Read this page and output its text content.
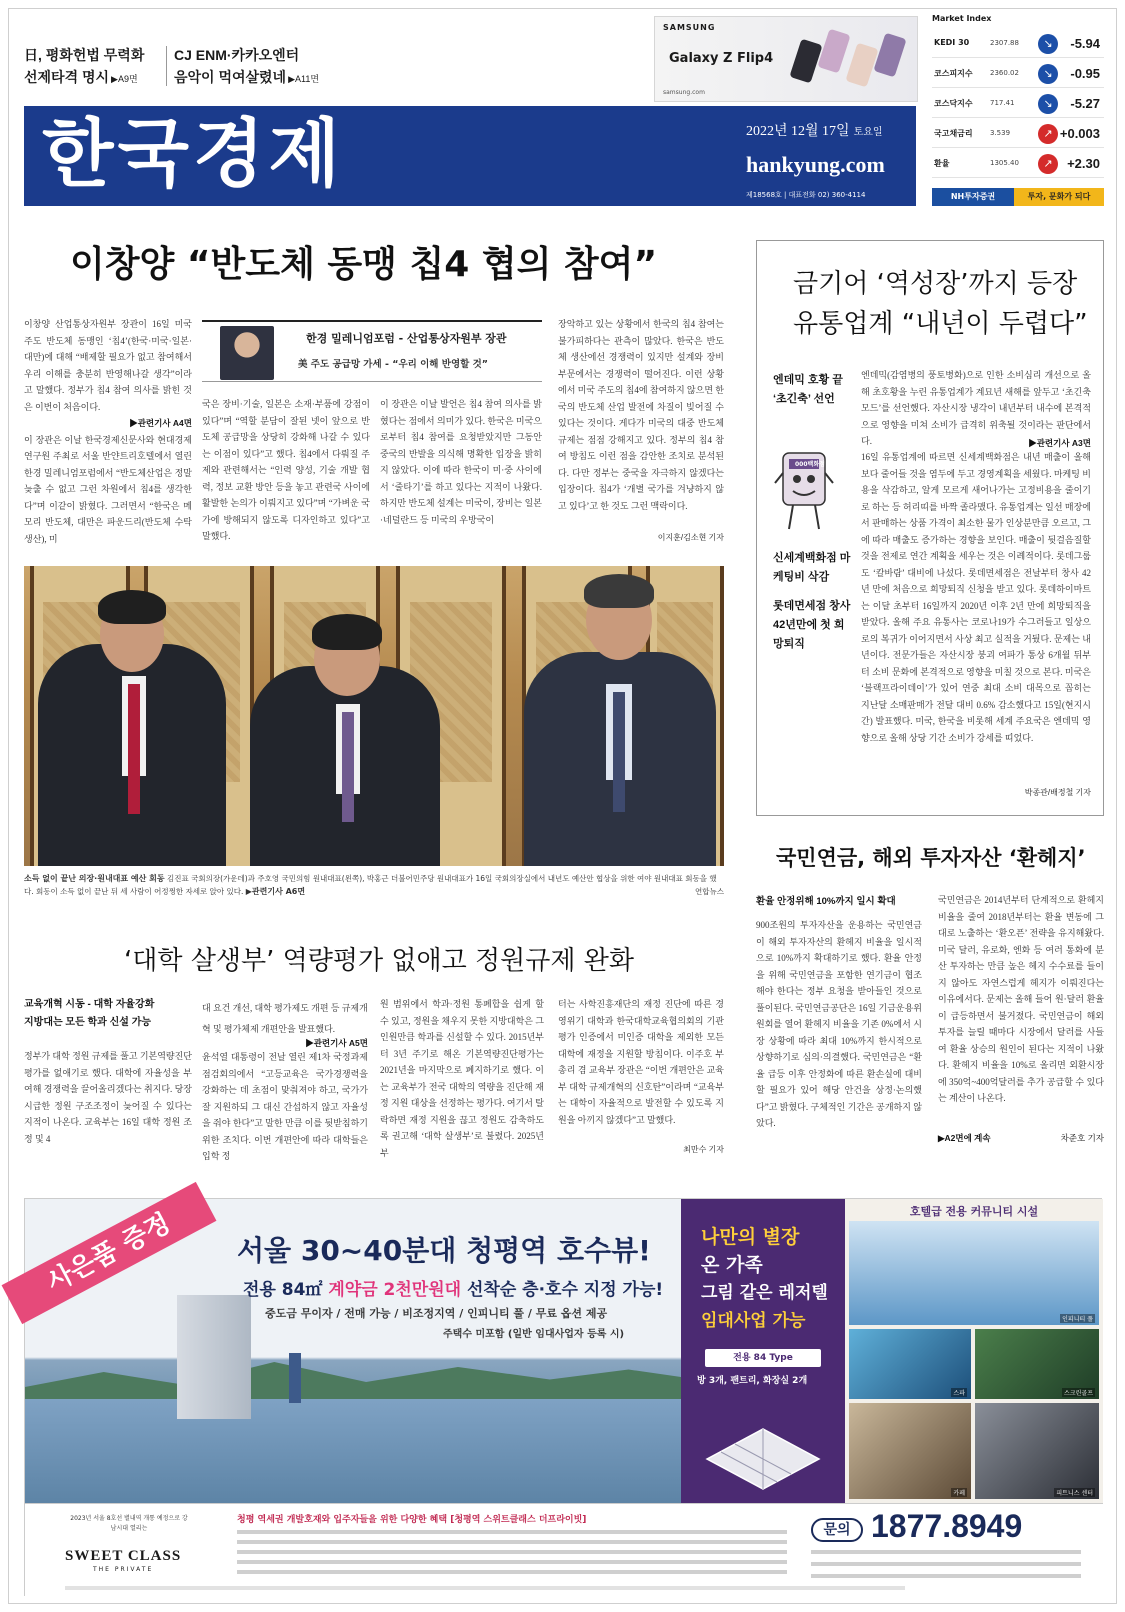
日, 평화헌법 무력화
선제타격 명시 ▶A9면
CJ ENM·카카오엔터
음악이 먹여살렸네 ▶A11면
SAMSUNG
Galaxy Z Flip4
samsung.com
한국경제	2022년 12월 17일 토요일
hankyung.com
제18568호 | 대표전화 02) 360-4114
Market Index
KEDI 30	2307.88	↘	-5.94
코스피지수 2360.02	↘	-0.95
코스닥지수 717.41	↘	-5.27
국고채금리 3.539	↗ +0.003
환율	1305.40	↗	+2.30
NH투자증권	투자, 문화가 되다
이창양 “반도체 동맹 칩4 협의 참여”
이창양 산업통상자원부 장관이 16일 미국 주도 반도체 동맹인 ‘칩4’(한국·미국·일본·대만)에 대해 “배제할 필요가 없고 참여해서 우리 이해를 충분히 반영해나갈 생각”이라고 말했다. 정부가 칩4 참여 의사를 밝힌 것은 이번이 처음이다.
▶관련기사 A4면
이 장관은 이날 한국경제신문사와 현대경제연구원 주최로 서울 반얀트리호텔에서 열린 한경 밀레니엄포럼에서 “반도체산업은 정말 늦출 수 없고 그런 차원에서 칩4를 생각한다”며 이같이 밝혔다. 그러면서 “한국은 메모리 반도체, 대만은 파운드리(반도체 수탁생산), 미
한경 밀레니엄포럼 - 산업통상자원부 장관
美 주도 공급망 가세 - “우리 이해 반영할 것”
국은 장비·기술, 일본은 소재·부품에 강점이 있다”며 “역할 분담이 잘된 넷이 앞으로 반도체 공급망을 상당히 강화해 나갈 수 있다는 이점이 있다”고 했다. 칩4에서 다뤄질 주제와 관련해서는 “인력 양성, 기술 개발 협력, 정보 교환 방안 등을 놓고 관련국 사이에 활발한 논의가 이뤄지고 있다”며 “가벼운 국가에 방해되지 않도록 디자인하고 있다”고 말했다.
이 장관은 이날 발언은 칩4 참여 의사를 밝혔다는 점에서 의미가 있다. 한국은 미국으로부터 칩4 참여를 요청받았지만 그동안 중국의 반발을 의식해 명확한 입장을 밝히지 않았다. 이에 따라 한국이 미·중 사이에서 ‘줄타기’를 하고 있다는 지적이 나왔다. 하지만 반도체 설계는 미국이, 장비는 일본·네덜란드 등 미국의 우방국이
장악하고 있는 상황에서 한국의 칩4 참여는 불가피하다는 관측이 많았다. 한국은 반도체 생산에선 경쟁력이 있지만 설계와 장비 부문에서는 경쟁력이 떨어진다. 이런 상황에서 미국 주도의 칩4에 참여하지 않으면 한국의 반도체 산업 발전에 차질이 빚어질 수 있다는 것이다. 게다가 미국의 대중 반도체 규제는 점점 강해지고 있다. 정부의 칩4 참여 방침도 이런 점을 감안한 조치로 분석된다. 다만 정부는 중국을 자극하지 않겠다는 입장이다. 칩4가 ‘개별 국가를 겨냥하지 않고 있다’고 한 것도 그런 맥락이다.
이지훈/김소현 기자
소득 없이 끝난 의장·원내대표 예산 회동 김진표 국회의장(가운데)과 주호영 국민의힘 원내대표(왼쪽), 박홍근 더불어민주당 원내대표가 16일 국회의장실에서 내년도 예산안 협상을 위한 여야 원내대표 회동을 했다. 회동이 소득 없이 끝난 뒤 세 사람이 어정쩡한 자세로 앉아 있다. ▶관련기사 A6면	연합뉴스
금기어 ‘역성장’까지 등장
유통업계 “내년이 두렵다”
엔데믹 호황 끝 ‘초긴축’ 선언
000백화점
신세계백화점 마케팅비 삭감
롯데면세점 창사 42년만에 첫 희망퇴직
엔데믹(감염병의 풍토병화)으로 인한 소비심리 개선으로 올해 초호황을 누린 유통업계가 계묘년 새해를 앞두고 ‘초긴축 모드’를 선언했다. 자산시장 냉각이 내년부터 내수에 본격적으로 영향을 미쳐 소비가 급격히 위축될 것이라는 판단에서다.	▶관련기사 A3면
16일 유통업계에 따르면 신세계백화점은 내년 매출이 올해보다 줄어들 것을 염두에 두고 경영계획을 세웠다. 마케팅 비용을 삭감하고, 알게 모르게 새어나가는 고정비용을 줄이기로 하는 등 허리띠를 바짝 졸라맸다. 유통업계는 일선 매장에서 판매하는 상품 가격이 최소한 물가 인상분만큼 오르고, 그에 따라 매출도 증가하는 경향을 보인다. 매출이 뒷걸음질할 것을 전제로 연간 계획을 세우는 것은 이례적이다. 롯데그룹도 ‘칼바람’ 대비에 나섰다. 롯데면세점은 전날부터 창사 42년 만에 처음으로 희망퇴직 신청을 받고 있다. 롯데하이마트는 이달 초부터 16일까지 2020년 이후 2년 만에 희망퇴직을 받았다. 올해 주요 유통사는 코로나19가 수그러들고 일상으로의 복귀가 이어지면서 사상 최고 실적을 거뒀다. 문제는 내년이다. 전문가들은 자산시장 붕괴 여파가 통상 6개월 뒤부터 소비 문화에 본격적으로 영향을 미칠 것으로 본다. 미국은 ‘블랙프라이데이’가 있어 연중 최대 소비 대목으로 꼽히는 지난달 소매판매가 전달 대비 0.6% 감소했다고 15일(현지시간) 발표했다. 미국, 한국을 비롯해 세계 주요국은 엔데믹 영향으로 올해 상당 기간 소비가 강세를 띠었다.
박종관/배정철 기자
국민연금, 해외 투자자산 ‘환헤지’
환율 안정위해 10%까지 일시 확대
900조원의 투자자산을 운용하는 국민연금이 해외 투자자산의 환헤지 비율을 일시적으로 10%까지 확대하기로 했다. 환율 안정을 위해 국민연금을 포함한 연기금이 협조해야 한다는 정부 요청을 받아들인 것으로 풀이된다. 국민연금공단은 16일 기금운용위원회를 열어 환헤지 비율을 기존 0%에서 시장 상황에 따라 최대 10%까지 한시적으로 상향하기로 심의·의결했다. 국민연금은 “환율 급등 이후 안정화에 따른 환손실에 대비할 필요가 있어 해당 안건을 상정·논의했다”고 밝혔다. 구체적인 기간은 공개하지 않았다.
국민연금은 2014년부터 단계적으로 환헤지 비율을 줄여 2018년부터는 환율 변동에 그대로 노출하는 ‘환오픈’ 전략을 유지해왔다. 미국 달러, 유로화, 엔화 등 여러 통화에 분산 투자하는 만큼 높은 헤지 수수료를 들이지 않아도 자연스럽게 헤지가 이뤄진다는 이유에서다. 문제는 올해 들어 원·달러 환율이 급등하면서 불거졌다. 국민연금이 해외 투자를 늘릴 때마다 시장에서 달러를 사들여 환율 상승의 원인이 된다는 지적이 나왔다. 환헤지 비율을 10%로 올리면 외환시장에 350억~400억달러를 추가 공급할 수 있다는 계산이 나온다.
▶A2면에 계속	차준호 기자
‘대학 살생부’ 역량평가 없애고 정원규제 완화
교육개혁 시동 - 대학 자율강화
지방대는 모든 학과 신설 가능
정부가 대학 정원 규제를 풀고 기본역량진단평가를 없애기로 했다. 대학에 자율성을 부여해 경쟁력을 끌어올리겠다는 취지다. 당장 시급한 정원 구조조정이 늦어질 수 있다는 지적이 나온다. 교육부는 16일 대학 정원 조정 및 4
대 요건 개선, 대학 평가제도 개편 등 규제개혁 및 평가체제 개편안을 발표했다.
▶관련기사 A5면
윤석열 대통령이 전날 열린 제1차 국정과제점검회의에서 “고등교육은 국가경쟁력을 강화하는 데 초점이 맞춰져야 하고, 국가가 잘 지원하되 그 대신 간섭하지 않고 자율성을 줘야 한다”고 말한 만큼 이를 뒷받침하기 위한 조치다. 이번 개편안에 따라 대학들은 입학 정
원 범위에서 학과·정원 통폐합을 쉽게 할 수 있고, 정원을 채우지 못한 지방대학은 그 인원만큼 학과를 신설할 수 있다. 2015년부터 3년 주기로 해온 기본역량진단평가는 2021년을 마지막으로 폐지하기로 했다. 이는 교육부가 전국 대학의 역량을 진단해 재정 지원 대상을 선정하는 평가다. 여기서 탈락하면 재정 지원을 끊고 정원도 감축하도록 권고해 ‘대학 살생부’로 불렸다. 2025년부
터는 사학진흥재단의 재정 진단에 따른 경영위기 대학과 한국대학교육협의회의 기관평가 인증에서 미인증 대학을 제외한 모든 대학에 재정을 지원할 방침이다. 이주호 부총리 겸 교육부 장관은 “이번 개편안은 교육부 대학 규제개혁의 신호탄”이라며 “교육부는 대학이 자율적으로 발전할 수 있도록 지원을 아끼지 않겠다”고 말했다.
최만수 기자
사은품 증정	서울 30~40분대 청평역 호수뷰!
전용 84㎡ 계약금 2천만원대 선착순 층·호수 지정 가능!
중도금 무이자 / 전매 가능 / 비조정지역 / 인피니티 풀 / 무료 옵션 제공
주택수 미포함 (일반 임대사업자 등록 시)
나만의 별장
온 가족
그림 같은 레저텔
임대사업 가능
전용 84 Type
방 3개, 팬트리, 화장실 2개
호텔급 전용 커뮤니티 시설
인피니티 풀
스파	스크린골프
카페	피트니스 센터
2023년 서울 8호선 별내역 개통 예정으로 강남시대 열리는
SWEET CLASS
THE PRIVATE
청평 역세권 개발호재와 입주자들을 위한 다양한 혜택 [청평역 스위트클래스 더프라이빗]
문의 1877.8949
